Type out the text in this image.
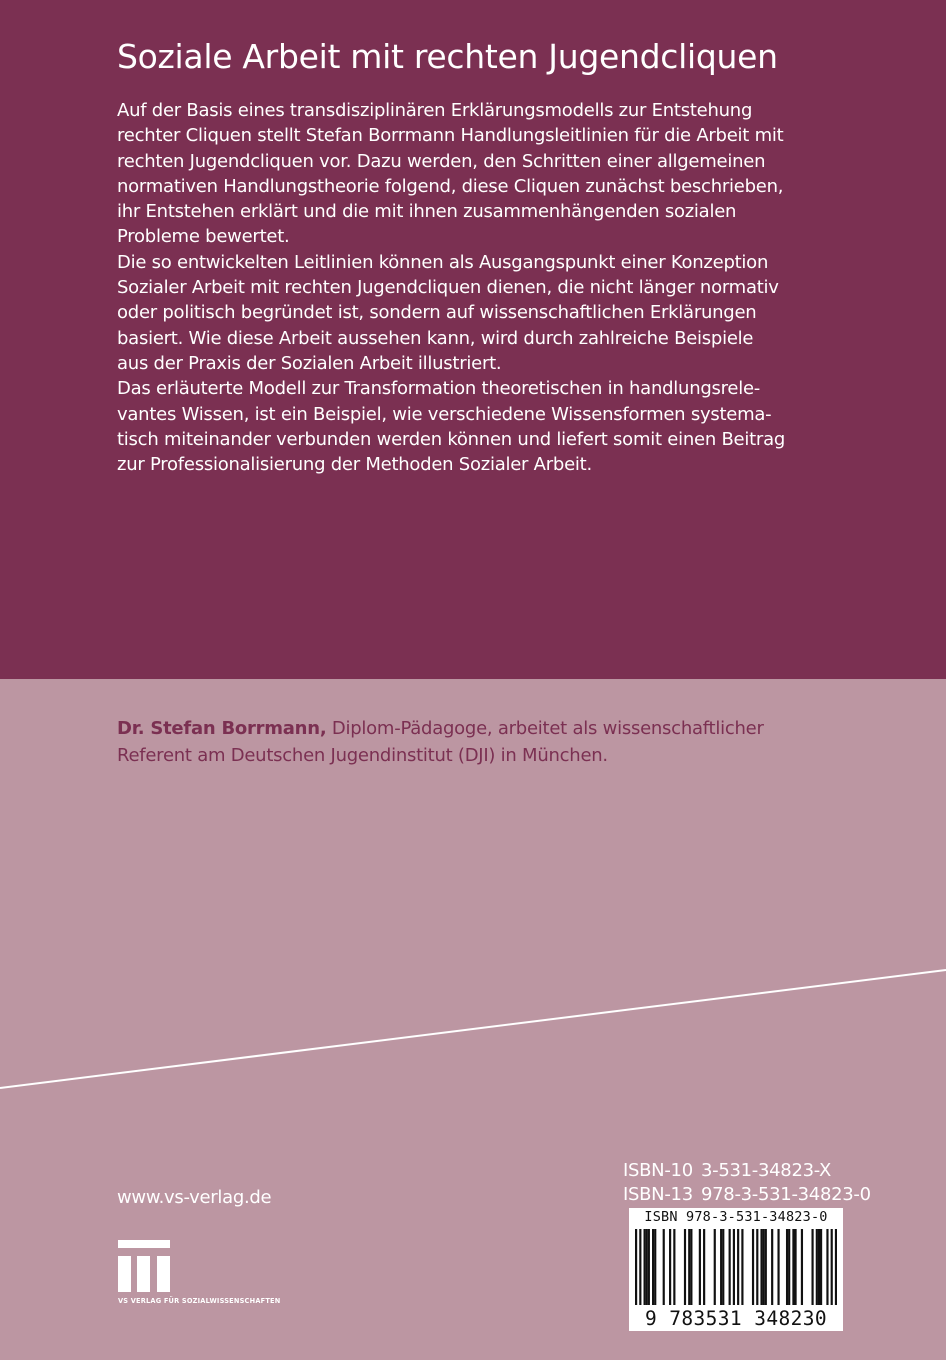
Soziale Arbeit mit rechten Jugendcliquen
Auf der Basis eines transdisziplinären Erklärungsmodells zur Entstehung
rechter Cliquen stellt Stefan Borrmann Handlungsleitlinien für die Arbeit mit
rechten Jugendcliquen vor. Dazu werden, den Schritten einer allgemeinen
normativen Handlungstheorie folgend, diese Cliquen zunächst beschrieben,
ihr Entstehen erklärt und die mit ihnen zusammenhängenden sozialen
Probleme bewertet.
Die so entwickelten Leitlinien können als Ausgangspunkt einer Konzeption
Sozialer Arbeit mit rechten Jugendcliquen dienen, die nicht länger normativ
oder politisch begründet ist, sondern auf wissenschaftlichen Erklärungen
basiert. Wie diese Arbeit aussehen kann, wird durch zahlreiche Beispiele
aus der Praxis der Sozialen Arbeit illustriert.
Das erläuterte Modell zur Transformation theoretischen in handlungsrele-
vantes Wissen, ist ein Beispiel, wie verschiedene Wissensformen systema-
tisch miteinander verbunden werden können und liefert somit einen Beitrag
zur Professionalisierung der Methoden Sozialer Arbeit.
Dr. Stefan Borrmann, Diplom-Pädagoge, arbeitet als wissenschaftlicher
Referent am Deutschen Jugendinstitut (DJI) in München.
www.vs-verlag.de
VS VERLAG FÜR SOZIALWISSENSCHAFTEN
ISBN-10 3-531-34823-X
ISBN-13 978-3-531-34823-0
ISBN 978-3-531-34823-0
9 783531 348230
